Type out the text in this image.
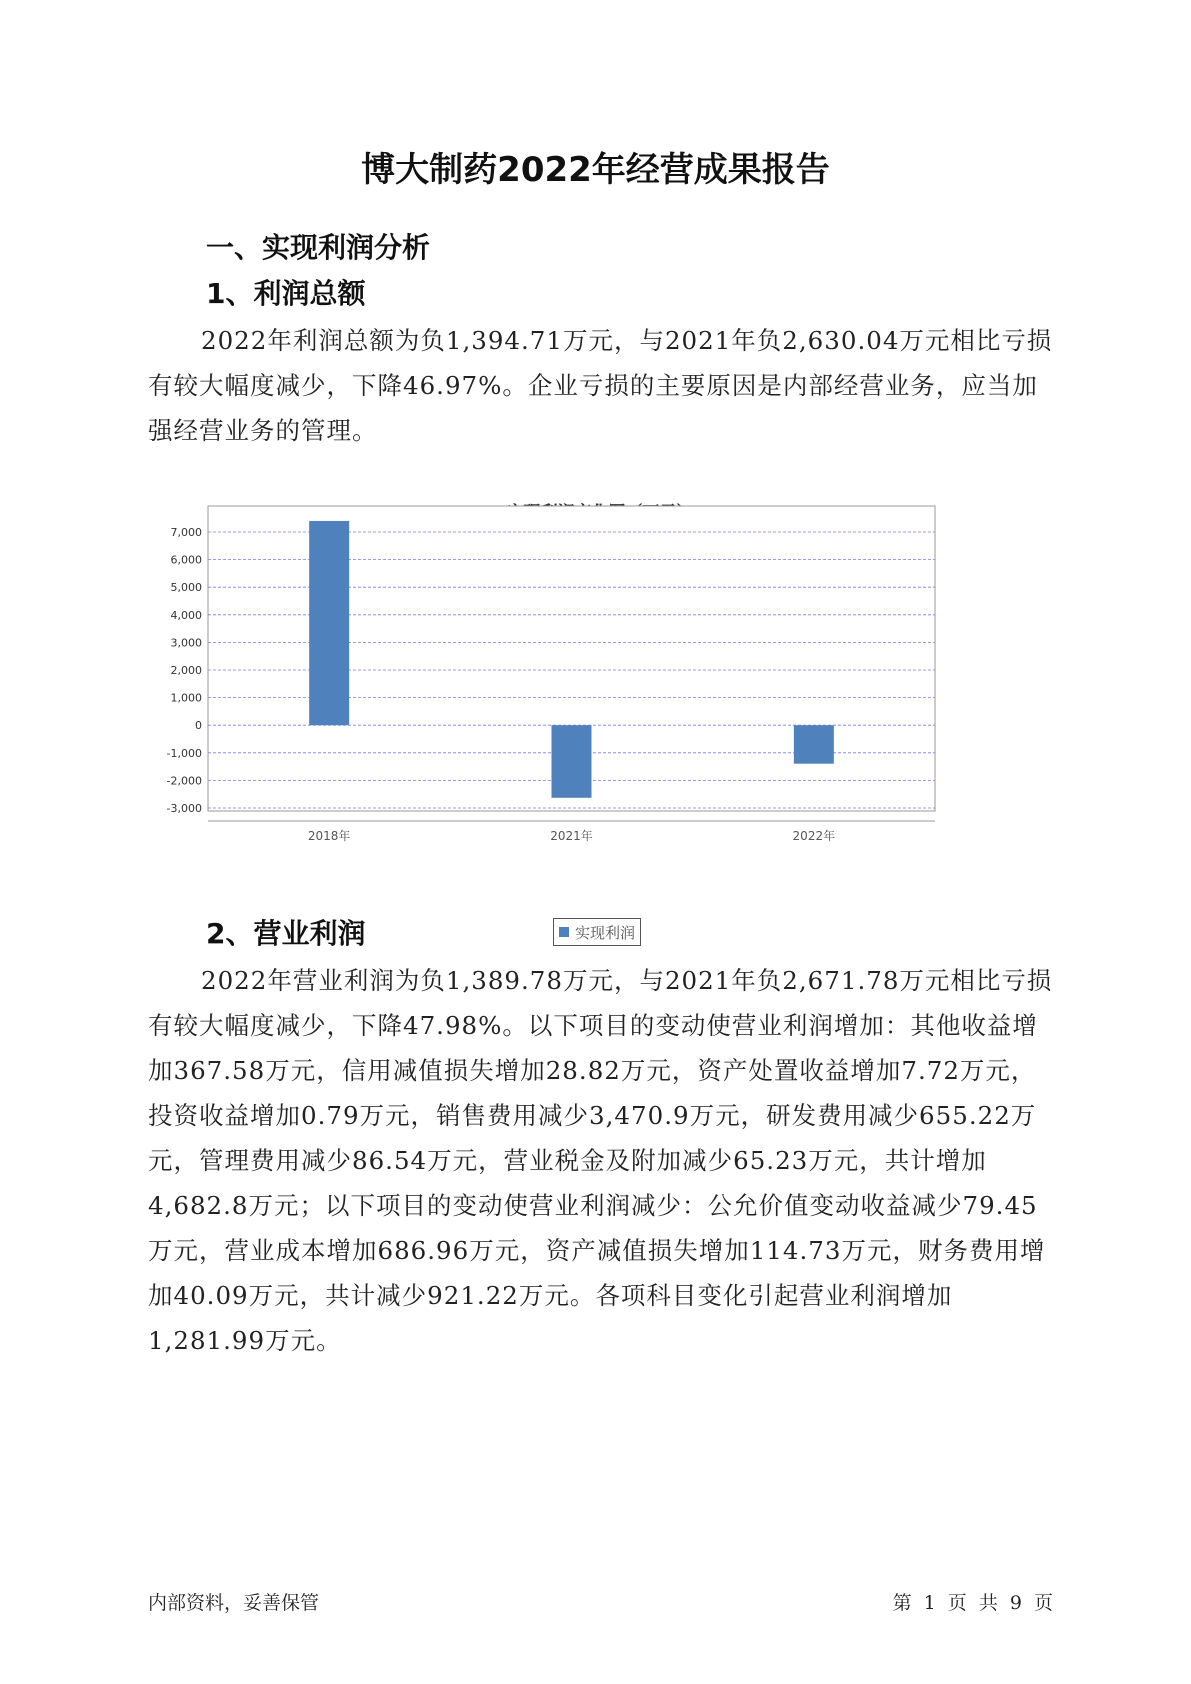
博大制药2022年经营成果报告
一、实现利润分析
1、利润总额

2022年利润总额为负1,394.71万元，与2021年负2,630.04万元相比亏损有较大幅度减少，下降46.97%。企业亏损的主要原因是内部经营业务，应当加强经营业务的管理。

7,000
6,000
5,000
4,000
3,000
2,000
1,000
0
-1,000
-2,000
-3,000
2018年	2021年	2022年
实现利润
2、营业利润

2022年营业利润为负1,389.78万元，与2021年负2,671.78万元相比亏损有较大幅度减少，下降47.98%。以下项目的变动使营业利润增加：其他收益增加367.58万元，信用减值损失增加28.82万元，资产处置收益增加7.72万元，投资收益增加0.79万元，销售费用减少3,470.9万元，研发费用减少655.22万元，管理费用减少86.54万元，营业税金及附加减少65.23万元，共计增加4,682.8万元；以下项目的变动使营业利润减少：公允价值变动收益减少79.45万元，营业成本增加686.96万元，资产减值损失增加114.73万元，财务费用增加40.09万元，共计减少921.22万元。各项科目变化引起营业利润增加1,281.99万元。

内部资料，妥善保管	第 1 页 共 9 页
